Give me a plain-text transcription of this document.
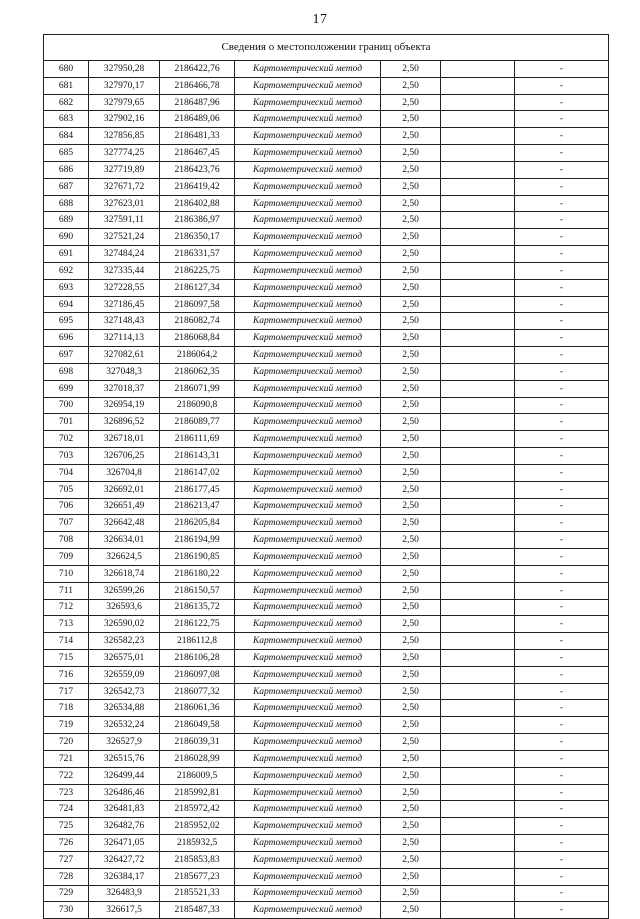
17
Сведения о местоположении границ объекта						
680	327950,28	2186422,76	Картометрический метод	2,50		-
681	327970,17	2186466,78	Картометрический метод	2,50		-
682	327979,65	2186487,96	Картометрический метод	2,50		-
683	327902,16	2186489,06	Картометрический метод	2,50		-
684	327856,85	2186481,33	Картометрический метод	2,50		-
685	327774,25	2186467,45	Картометрический метод	2,50		-
686	327719,89	2186423,76	Картометрический метод	2,50		-
687	327671,72	2186419,42	Картометрический метод	2,50		-
688	327623,01	2186402,88	Картометрический метод	2,50		-
689	327591,11	2186386,97	Картометрический метод	2,50		-
690	327521,24	2186350,17	Картометрический метод	2,50		-
691	327484,24	2186331,57	Картометрический метод	2,50		-
692	327335,44	2186225,75	Картометрический метод	2,50		-
693	327228,55	2186127,34	Картометрический метод	2,50		-
694	327186,45	2186097,58	Картометрический метод	2,50		-
695	327148,43	2186082,74	Картометрический метод	2,50		-
696	327114,13	2186068,84	Картометрический метод	2,50		-
697	327082,61	2186064,2	Картометрический метод	2,50		-
698	327048,3	2186062,35	Картометрический метод	2,50		-
699	327018,37	2186071,99	Картометрический метод	2,50		-
700	326954,19	2186090,8	Картометрический метод	2,50		-
701	326896,52	2186089,77	Картометрический метод	2,50		-
702	326718,01	2186111,69	Картометрический метод	2,50		-
703	326706,25	2186143,31	Картометрический метод	2,50		-
704	326704,8	2186147,02	Картометрический метод	2,50		-
705	326692,01	2186177,45	Картометрический метод	2,50		-
706	326651,49	2186213,47	Картометрический метод	2,50		-
707	326642,48	2186205,84	Картометрический метод	2,50		-
708	326634,01	2186194,99	Картометрический метод	2,50		-
709	326624,5	2186190,85	Картометрический метод	2,50		-
710	326618,74	2186180,22	Картометрический метод	2,50		-
711	326599,26	2186150,57	Картометрический метод	2,50		-
712	326593,6	2186135,72	Картометрический метод	2,50		-
713	326590,02	2186122,75	Картометрический метод	2,50		-
714	326582,23	2186112,8	Картометрический метод	2,50		-
715	326575,01	2186106,28	Картометрический метод	2,50		-
716	326559,09	2186097,08	Картометрический метод	2,50		-
717	326542,73	2186077,32	Картометрический метод	2,50		-
718	326534,88	2186061,36	Картометрический метод	2,50		-
719	326532,24	2186049,58	Картометрический метод	2,50		-
720	326527,9	2186039,31	Картометрический метод	2,50		-
721	326515,76	2186028,99	Картометрический метод	2,50		-
722	326499,44	2186009,5	Картометрический метод	2,50		-
723	326486,46	2185992,81	Картометрический метод	2,50		-
724	326481,83	2185972,42	Картометрический метод	2,50		-
725	326482,76	2185952,02	Картометрический метод	2,50		-
726	326471,05	2185932,5	Картометрический метод	2,50		-
727	326427,72	2185853,83	Картометрический метод	2,50		-
728	326384,17	2185677,23	Картометрический метод	2,50		-
729	326483,9	2185521,33	Картометрический метод	2,50		-
730	326617,5	2185487,33	Картометрический метод	2,50		-
